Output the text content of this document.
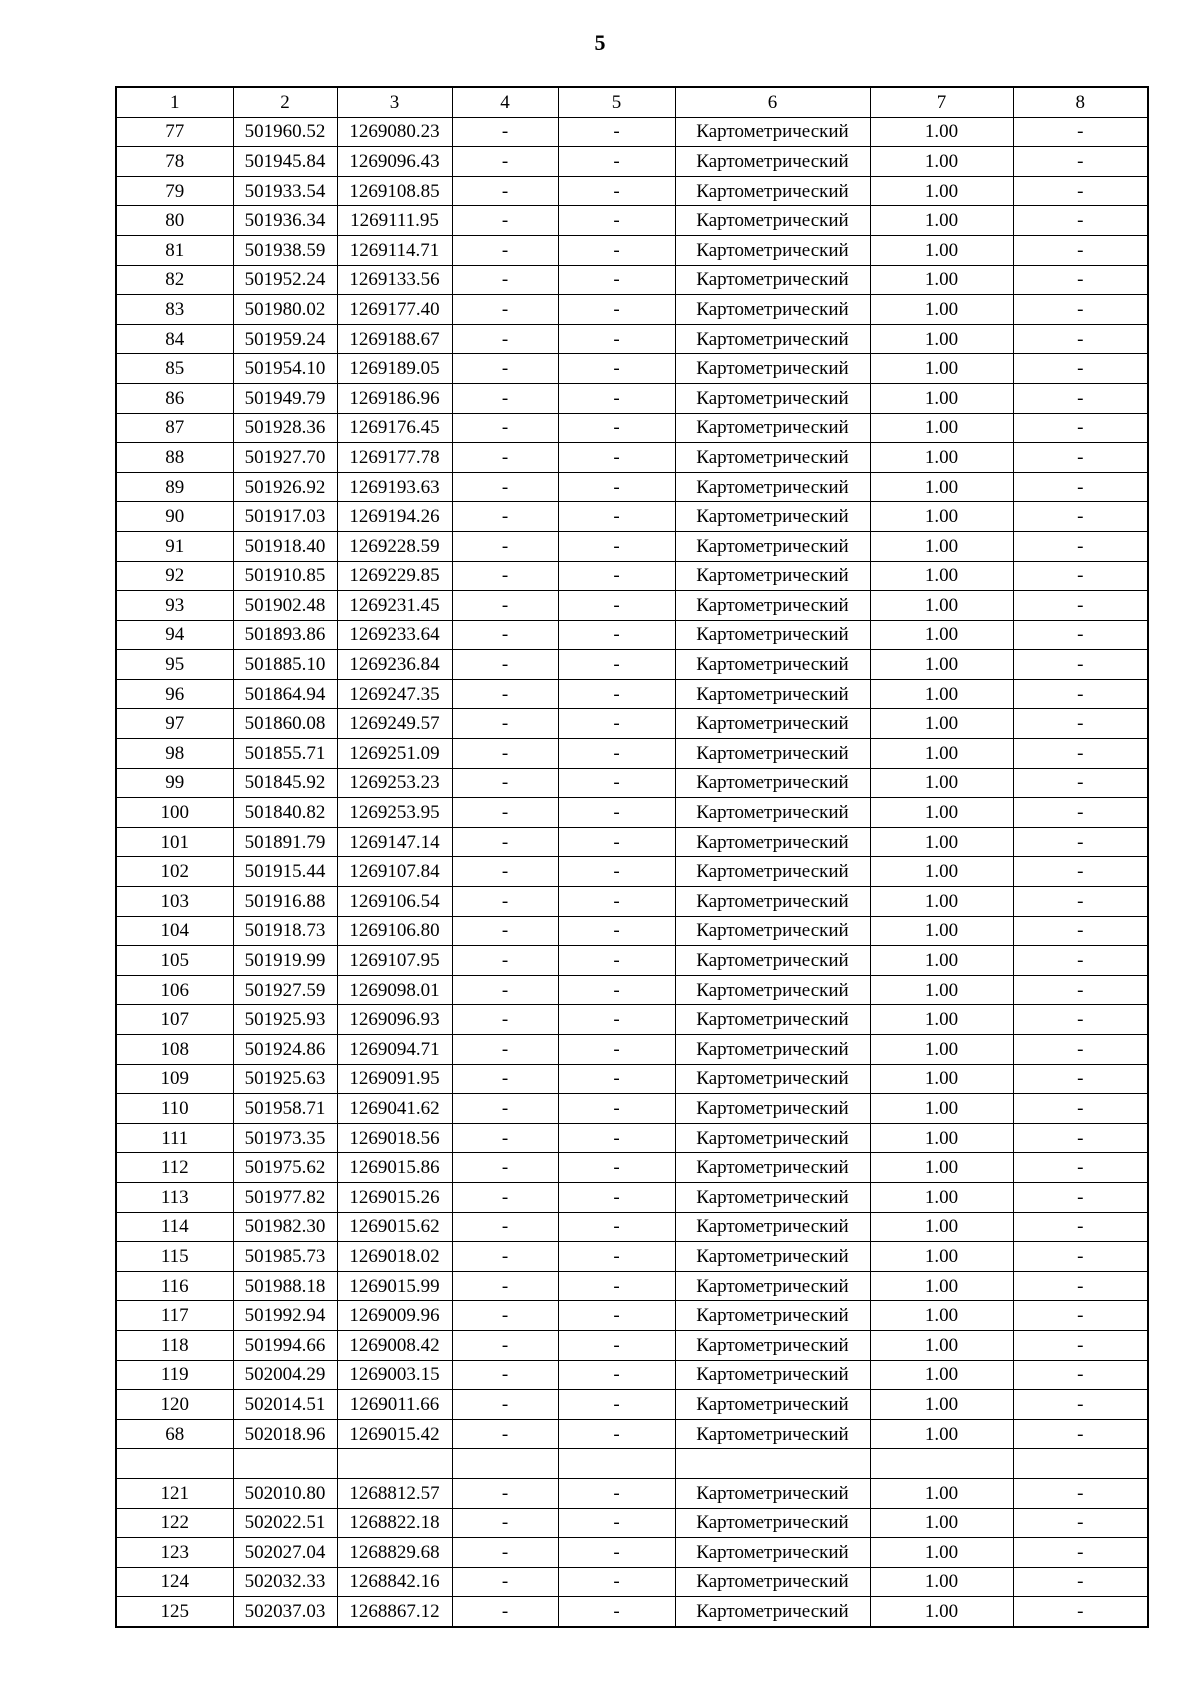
5
1	2	3	4	5	6	7	8
77	501960.52	1269080.23	-	-	Картометрический	1.00	-
78	501945.84	1269096.43	-	-	Картометрический	1.00	-
79	501933.54	1269108.85	-	-	Картометрический	1.00	-
80	501936.34	1269111.95	-	-	Картометрический	1.00	-
81	501938.59	1269114.71	-	-	Картометрический	1.00	-
82	501952.24	1269133.56	-	-	Картометрический	1.00	-
83	501980.02	1269177.40	-	-	Картометрический	1.00	-
84	501959.24	1269188.67	-	-	Картометрический	1.00	-
85	501954.10	1269189.05	-	-	Картометрический	1.00	-
86	501949.79	1269186.96	-	-	Картометрический	1.00	-
87	501928.36	1269176.45	-	-	Картометрический	1.00	-
88	501927.70	1269177.78	-	-	Картометрический	1.00	-
89	501926.92	1269193.63	-	-	Картометрический	1.00	-
90	501917.03	1269194.26	-	-	Картометрический	1.00	-
91	501918.40	1269228.59	-	-	Картометрический	1.00	-
92	501910.85	1269229.85	-	-	Картометрический	1.00	-
93	501902.48	1269231.45	-	-	Картометрический	1.00	-
94	501893.86	1269233.64	-	-	Картометрический	1.00	-
95	501885.10	1269236.84	-	-	Картометрический	1.00	-
96	501864.94	1269247.35	-	-	Картометрический	1.00	-
97	501860.08	1269249.57	-	-	Картометрический	1.00	-
98	501855.71	1269251.09	-	-	Картометрический	1.00	-
99	501845.92	1269253.23	-	-	Картометрический	1.00	-
100	501840.82	1269253.95	-	-	Картометрический	1.00	-
101	501891.79	1269147.14	-	-	Картометрический	1.00	-
102	501915.44	1269107.84	-	-	Картометрический	1.00	-
103	501916.88	1269106.54	-	-	Картометрический	1.00	-
104	501918.73	1269106.80	-	-	Картометрический	1.00	-
105	501919.99	1269107.95	-	-	Картометрический	1.00	-
106	501927.59	1269098.01	-	-	Картометрический	1.00	-
107	501925.93	1269096.93	-	-	Картометрический	1.00	-
108	501924.86	1269094.71	-	-	Картометрический	1.00	-
109	501925.63	1269091.95	-	-	Картометрический	1.00	-
110	501958.71	1269041.62	-	-	Картометрический	1.00	-
111	501973.35	1269018.56	-	-	Картометрический	1.00	-
112	501975.62	1269015.86	-	-	Картометрический	1.00	-
113	501977.82	1269015.26	-	-	Картометрический	1.00	-
114	501982.30	1269015.62	-	-	Картометрический	1.00	-
115	501985.73	1269018.02	-	-	Картометрический	1.00	-
116	501988.18	1269015.99	-	-	Картометрический	1.00	-
117	501992.94	1269009.96	-	-	Картометрический	1.00	-
118	501994.66	1269008.42	-	-	Картометрический	1.00	-
119	502004.29	1269003.15	-	-	Картометрический	1.00	-
120	502014.51	1269011.66	-	-	Картометрический	1.00	-
68	502018.96	1269015.42	-	-	Картометрический	1.00	-

121	502010.80	1268812.57	-	-	Картометрический	1.00	-
122	502022.51	1268822.18	-	-	Картометрический	1.00	-
123	502027.04	1268829.68	-	-	Картометрический	1.00	-
124	502032.33	1268842.16	-	-	Картометрический	1.00	-
125	502037.03	1268867.12	-	-	Картометрический	1.00	-
